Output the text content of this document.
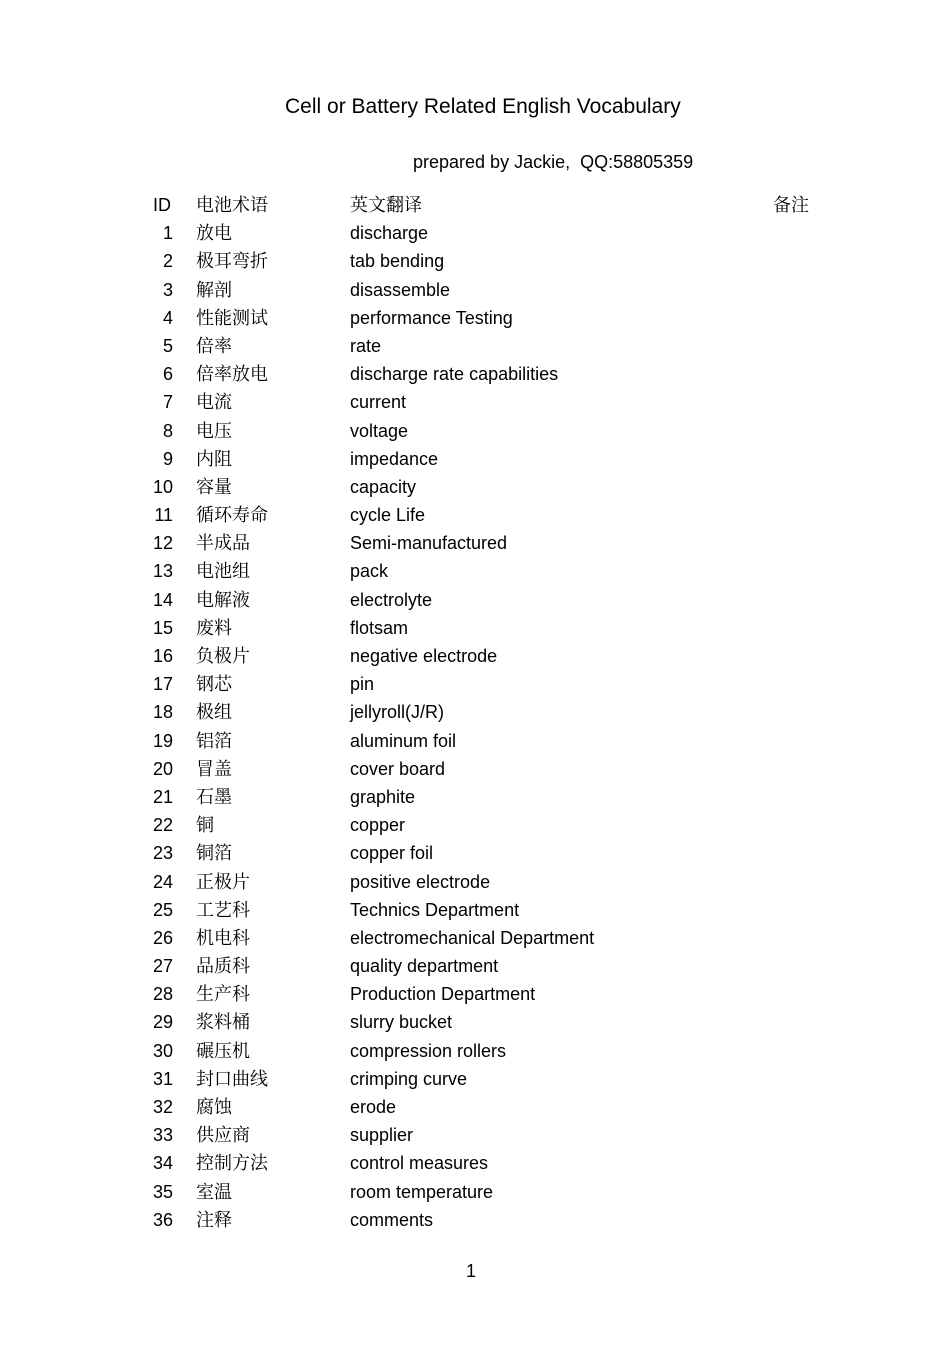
Cell or Battery Related English Vocabulary
prepared by Jackie,  QQ:58805359
ID 电池术语	英文翻译	备注
1 放电	discharge
2 极耳弯折	tab bending
3 解剖	disassemble
4 性能测试	performance Testing
5 倍率	rate
6 倍率放电	discharge rate capabilities
7 电流	current
8 电压	voltage
9 内阻	impedance
10 容量	capacity
11 循环寿命	cycle Life
12 半成品	Semi-manufactured
13 电池组	pack
14 电解液	electrolyte
15 废料	flotsam
16 负极片	negative electrode
17 钢芯	pin
18 极组	jellyroll(J/R)
19 铝箔	aluminum foil
20 冒盖	cover board
21 石墨	graphite
22 铜	copper
23 铜箔	copper foil
24 正极片	positive electrode
25 工艺科	Technics Department
26 机电科	electromechanical Department
27 品质科	quality department
28 生产科	Production Department
29 浆料桶	slurry bucket
30 碾压机	compression rollers
31 封口曲线	crimping curve
32 腐蚀	erode
33 供应商	supplier
34 控制方法	control measures
35 室温	room temperature
36 注释	comments
1
